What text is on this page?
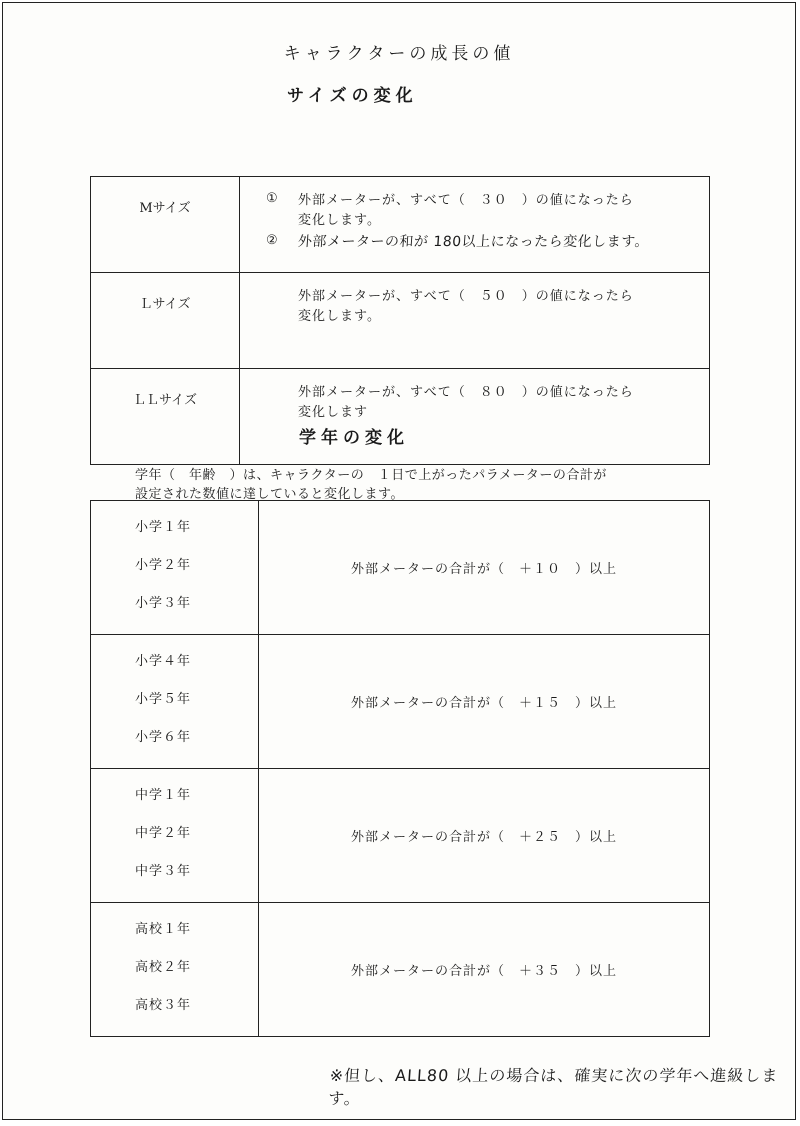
キャラクターの成長の値
サイズの変化
Mサイズ	① 外部メーターが、すべて（　３０　）の値になったら
変化します。
② 外部メーターの和が 180以上になったら変化します。

Ｌサイズ	外部メーターが、すべて（　５０　）の値になったら
変化します。

ＬＬサイズ	外部メーターが、すべて（　８０　）の値になったら
変化します
学年の変化
学年（　年齢　）は、キャラクターの　１日で上がったパラメーターの合計が
設定された数値に達していると変化します。
小学１年
小学２年
小学３年	外部メーターの合計が（　＋１０　）以上

小学４年
小学５年
小学６年	外部メーターの合計が（　＋１５　）以上

中学１年
中学２年
中学３年	外部メーターの合計が（　＋２５　）以上

高校１年
高校２年
高校３年	外部メーターの合計が（　＋３５　）以上
※但し、ALL80 以上の場合は、確実に次の学年へ進級します。
